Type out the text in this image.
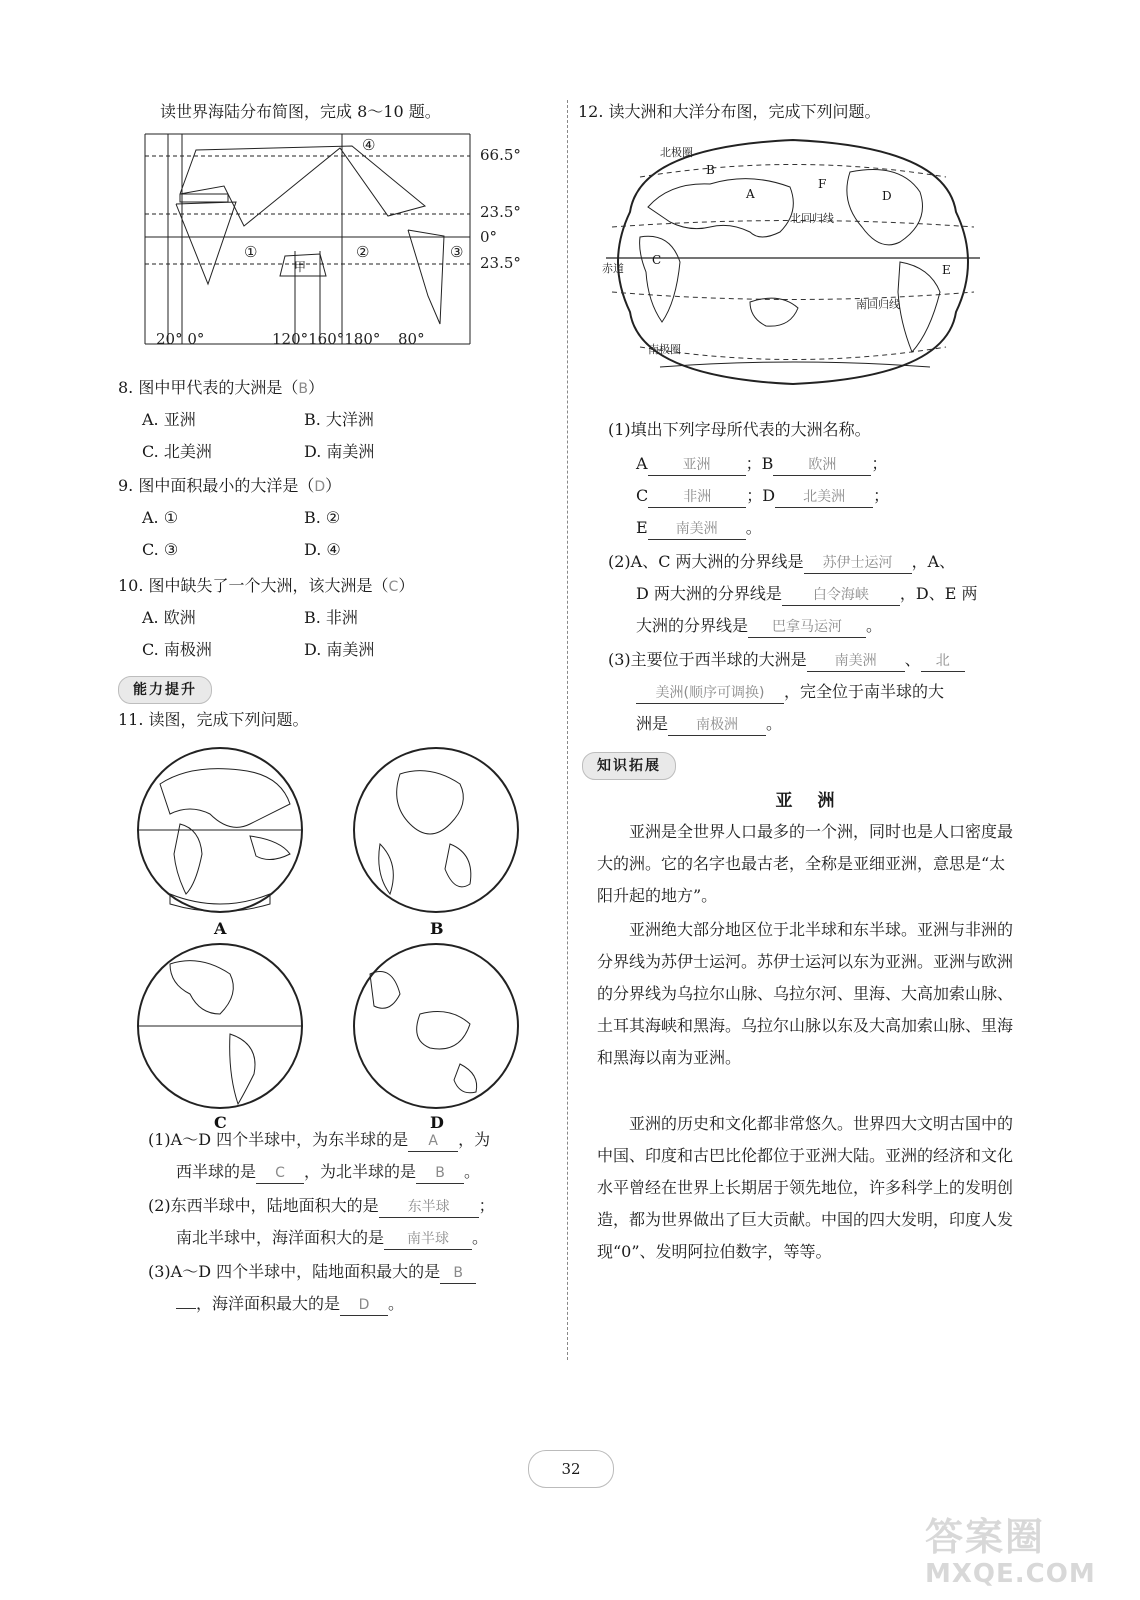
读世界海陆分布简图，完成 8～10 题。
66.5°
23.5°
0°
23.5°
20° 0°	120°160°180° 80°
①	②	③
④
甲
8. 图中甲代表的大洲是（B）
A. 亚洲	B. 大洋洲
C. 北美洲	D. 南美洲
9. 图中面积最小的大洋是（D）
A. ①	B. ②
C. ③	D. ④
10. 图中缺失了一个大洲，该大洲是（C）
A. 欧洲	B. 非洲
C. 南极洲	D. 南美洲
能力提升
11. 读图，完成下列问题。
A	B
C	D
(1)A～D 四个半球中，为东半球的是 A ，为
西半球的是 C ，为北半球的是 B 。
(2)东西半球中，陆地面积大的是 东半球 ；
南北半球中，海洋面积大的是 南半球 。
(3)A～D 四个半球中，陆地面积最大的是 B
，海洋面积最大的是 D 。
12. 读大洲和大洋分布图，完成下列问题。
北极圈
北回归线
赤道
南回归线
南极圈
A
B
C
D
E
F
(1)填出下列字母所代表的大洲名称。
A	亚洲 ；B	欧洲 ；
C	非洲 ；D 北美洲 ；
E 南美洲 。
(2)A、C 两大洲的分界线是 苏伊士运河 ，A、
D 两大洲的分界线是 白令海峡 ，D、E 两
大洲的分界线是 巴拿马运河 。
(3)主要位于西半球的大洲是 南美洲 、 北
美洲(顺序可调换) ，完全位于南半球的大
洲是 南极洲 。
知识拓展
亚　洲
亚洲是全世界人口最多的一个洲，同时也是人口密度最大的洲。它的名字也最古老，全称是亚细亚洲，意思是“太阳升起的地方”。
亚洲绝大部分地区位于北半球和东半球。亚洲与非洲的分界线为苏伊士运河。苏伊士运河以东为亚洲。亚洲与欧洲的分界线为乌拉尔山脉、乌拉尔河、里海、大高加索山脉、土耳其海峡和黑海。乌拉尔山脉以东及大高加索山脉、里海和黑海以南为亚洲。
亚洲的历史和文化都非常悠久。世界四大文明古国中的中国、印度和古巴比伦都位于亚洲大陆。亚洲的经济和文化水平曾经在世界上长期居于领先地位，许多科学上的发明创造，都为世界做出了巨大贡献。中国的四大发明，印度人发现“0”、发明阿拉伯数字，等等。
32
答案圈
MXQE.COM
